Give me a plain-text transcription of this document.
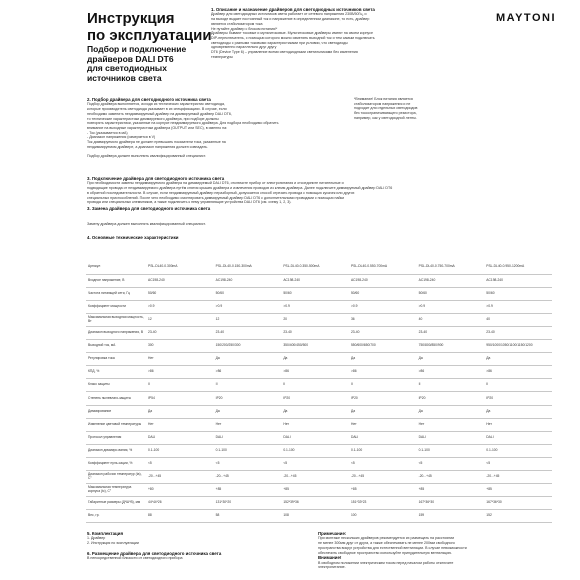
Инструкция
по эксплуатации
MAYTONI
Подбор и подключение
драйверов DALI DT6
для светодиодных
источников света
1. Описание и назначение драйверов для светодиодных источников света
Драйвер для светодиодных источников света работает от сетевого напряжения 230В/50Гц, и
на выходе выдает постоянный ток и напряжение в определенном диапазоне, то есть, драйвер
является стабилизатором тока
Не путайте драйвер с блоком питания!*
Драйверы бывают токовые и мультитоковые. Мультитоковые драйверы имеют на своем корпусе
DIP-переключатель, с помощью которого можно изменять выходной ток и тем самым подключать
светодиоды с разными токовыми характеристиками при условии, что светодиоды
одновременно параллельно друг другу
DT6 (Device Type 6) – управление всеми светодиодными светильниками без изменения
температуры
2. Подбор драйвера для светодиодного источника света
Подбор драйвера выполняется, исходя из технических характеристик светодиода,
которые производитель светодиода указывает в их спецификациях. В случае, если
необходимо заменить неэдиммируемый драйвер на диммируемый драйвер DALI DT6,
то технические характеристики диммируемого драйвера, при подборе должны
повторять характеристики, указанные на корпусе неэдиммируемого драйвера. Для подбора необходимо обратить
внимание на выходные характеристики драйвера (OUTPUT или SEC), в именно на:
- Ток (указывается в мА)
- Диапазон напряжения (измеряется в V)
Ток диммируемого драйвера не должен превышать показатели тока, указанные на
неэдиммируемом драйвере, а диапазон напряжения должен совпадать.

Подбор драйвера должен выполнять квалифицированный специалист.
*Внимание! Блок питания является
стабилизатором напряжения и не
подходит для отдельных светодиодов
без токоограничивающего резистора,
например, как у светодиодной ленты.
3. Подключение драйвера для светодиодного источника света
При необходимости замены неэдиммируемого драйвера на диммируемый DALI DT6, отключите прибор от электропитания и отсоедините питательные и
подводящие провода от неэдиммируемого драйвера путём снятия крышек драйвера и извлечения проводов из клемм драйвера. Далее подключите диммируемый драйвер DALI DT6
в обратной последовательности. В случае, если неэдиммируемый драйвер нерaзборный, допускается способ отрезать провода с помощью кусачек или других
специальных приспособлений. После чего необходимо смонтировать диммируемый драйвер DALI DT6 с дополнительными проводами с помощью пайки
провода или специальных клеммников, а также подключить к нему управляющие устройства DALI DT6 (см. схему 1, 2, 3).
3. Замена драйвера для светодиодного источника света
Замену драйвера должен выполнять квалифицированный специалист.
4. Основные технические характеристики
Артикул	PSL-DL40-0.300mA	PSL-DL40-0.150-300mA	PSL-DL40-0.350-500mA	PSL-DL40-0.550-700mA	PSL-DL40-0.750-700mA	PSL-DL40-0.950-1200mA
Входное напряжение, В	AC198-240	AC198-240	AC198-240	AC198-240	AC198-240	AC198-240
Частота питающей сети, Гц	50/60	50/60	50/60	50/60	50/60	50/60
Коэффициент мощности	>0.9	>0.9	>0.9	>0.9	>0.9	>0.9
Максимальная выходная мощность, Вт	12	12	20	36	40	40
Диапазон выходного напряжения, В	23-40	23-40	23-40	23-40	23-40	23-40
Выходной ток, мА	300	150/200/250/300	350/400/450/500	550/600/650/700	750/800/850/900	950/1000/1050/1100/1150/1200
Регулировка тока	Нет	Да	Да	Да	Да	Да
КПД, %	>86	>86	>86	>86	>86	>86
Класс защиты	II	II	II	II	II	II
Степень пылевлаго-защиты	IP54	IP20	IP20	IP20	IP20	IP20
Диммирование	Да	Да	Да	Да	Да	Да
Изменение цветовой температуры	Нет	Нет	Нет	Нет	Нет	Нет
Протокол управления	DALI	DALI	DALI	DALI	DALI	DALI
Диапазон диммиро-вания, %	0.1-100	0.1-100	0.1-100	0.1-100	0.1-100	0.1-100
Коэффициент пуль-сации, %	<5	<5	<5	<5	<5	<5
Диапазон рабочих температур (ta), C°	-20...+45	-20...+45	-20...+45	-20...+45	-20...+45	-20...+45
Максимальная температура корпуса (tc), C°	+80	+85	+85	+85	+85	+85
Габаритные размеры (Д*Ш*В), мм	44*44*26	131*30*20	152*39*36	151*33*23	167*36*30	167*36*30
Вес, гр.	88	58	108	100	159	152
5. Комплектация
1. Драйвер
2. Инструкция по эксплуатации
6. Размещение драйвера для светодиодного источника света
В непосредственной близости от светодиодного прибора
Примечание:
При монтаже нескольких драйверов рекомендуется их размещать на расстоянии
не менее 300мм друг от друга, а также обеспечивать не менее 200мм свободного
пространства вокруг устройства для естественной вентиляции. В случае невозможности
обеспечить свободное пространство используйте принудительную вентиляцию.
Внимание!
В свободном положении электрическим током перед началом работы отключите
электропитание.
